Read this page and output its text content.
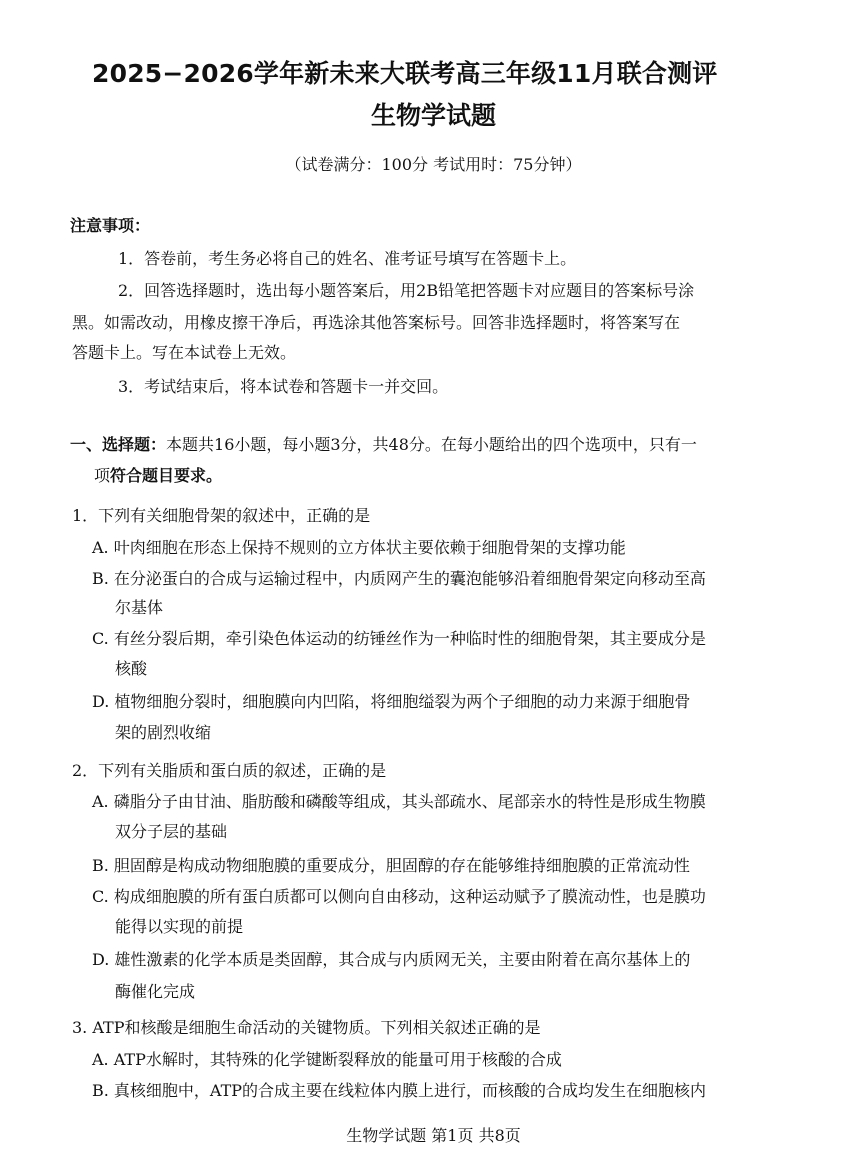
2025−2026学年新未来大联考高三年级11月联合测评
生物学试题
（试卷满分：100分 考试用时：75分钟）
注意事项：
1．答卷前，考生务必将自己的姓名、准考证号填写在答题卡上。
2．回答选择题时，选出每小题答案后，用2B铅笔把答题卡对应题目的答案标号涂
黑。如需改动，用橡皮擦干净后，再选涂其他答案标号。回答非选择题时，将答案写在
答题卡上。写在本试卷上无效。
3．考试结束后，将本试卷和答题卡一并交回。
一、选择题：本题共16小题，每小题3分，共48分。在每小题给出的四个选项中，只有一
项符合题目要求。
1．下列有关细胞骨架的叙述中，正确的是
A. 叶肉细胞在形态上保持不规则的立方体状主要依赖于细胞骨架的支撑功能
B. 在分泌蛋白的合成与运输过程中，内质网产生的囊泡能够沿着细胞骨架定向移动至高
尔基体
C. 有丝分裂后期，牵引染色体运动的纺锤丝作为一种临时性的细胞骨架，其主要成分是
核酸
D. 植物细胞分裂时，细胞膜向内凹陷，将细胞缢裂为两个子细胞的动力来源于细胞骨
架的剧烈收缩
2．下列有关脂质和蛋白质的叙述，正确的是
A. 磷脂分子由甘油、脂肪酸和磷酸等组成，其头部疏水、尾部亲水的特性是形成生物膜
双分子层的基础
B. 胆固醇是构成动物细胞膜的重要成分，胆固醇的存在能够维持细胞膜的正常流动性
C. 构成细胞膜的所有蛋白质都可以侧向自由移动，这种运动赋予了膜流动性，也是膜功
能得以实现的前提
D. 雄性激素的化学本质是类固醇，其合成与内质网无关，主要由附着在高尔基体上的
酶催化完成
3. ATP和核酸是细胞生命活动的关键物质。下列相关叙述正确的是
A. ATP水解时，其特殊的化学键断裂释放的能量可用于核酸的合成
B. 真核细胞中，ATP的合成主要在线粒体内膜上进行，而核酸的合成均发生在细胞核内
生物学试题 第1页 共8页
